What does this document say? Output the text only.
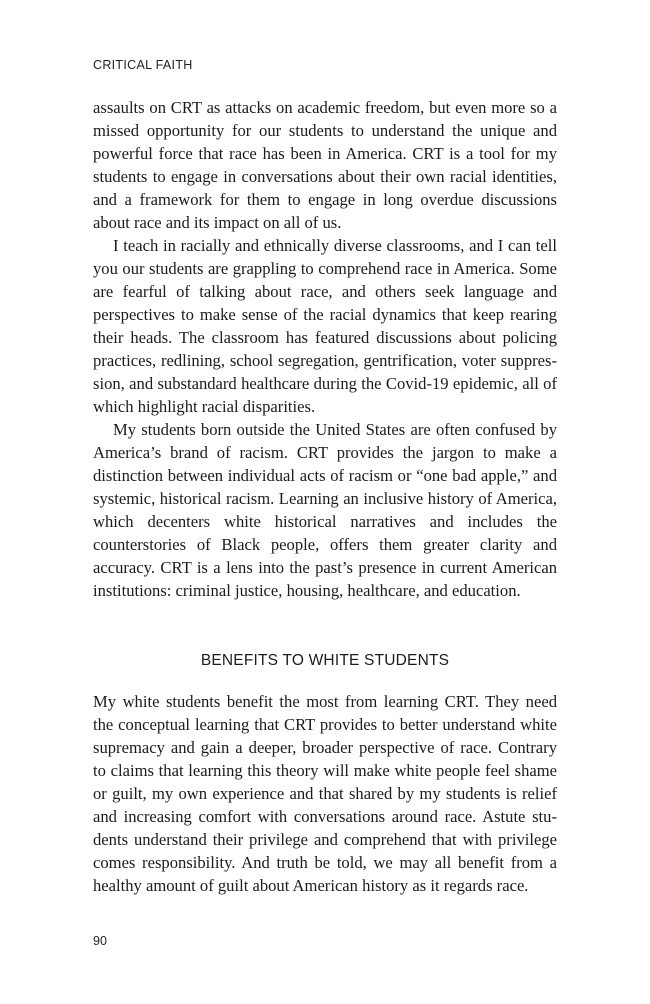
CRITICAL FAITH

assaults on CRT as attacks on academic freedom, but even more so a missed opportunity for our students to understand the unique and powerful force that race has been in America. CRT is a tool for my students to engage in conversations about their own racial identities, and a framework for them to engage in long overdue discussions about race and its impact on all of us.

I teach in racially and ethnically diverse classrooms, and I can tell you our students are grappling to comprehend race in America. Some are fearful of talking about race, and others seek language and perspectives to make sense of the racial dynamics that keep rearing their heads. The classroom has featured discussions about policing practices, redlining, school segregation, gentrification, voter suppression, and substandard healthcare during the Covid-19 epidemic, all of which highlight racial disparities.

My students born outside the United States are often confused by America’s brand of racism. CRT provides the jargon to make a distinction between individual acts of racism or “one bad apple,” and systemic, historical racism. Learning an inclusive history of America, which decenters white historical narratives and includes the counterstories of Black people, offers them greater clarity and accuracy. CRT is a lens into the past’s presence in current American institutions: criminal justice, housing, healthcare, and education.

BENEFITS TO WHITE STUDENTS

My white students benefit the most from learning CRT. They need the conceptual learning that CRT provides to better understand white supremacy and gain a deeper, broader perspective of race. Contrary to claims that learning this theory will make white people feel shame or guilt, my own experience and that shared by my students is relief and increasing comfort with conversations around race. Astute students understand their privilege and comprehend that with privilege comes responsibility. And truth be told, we may all benefit from a healthy amount of guilt about American history as it regards race.

90
